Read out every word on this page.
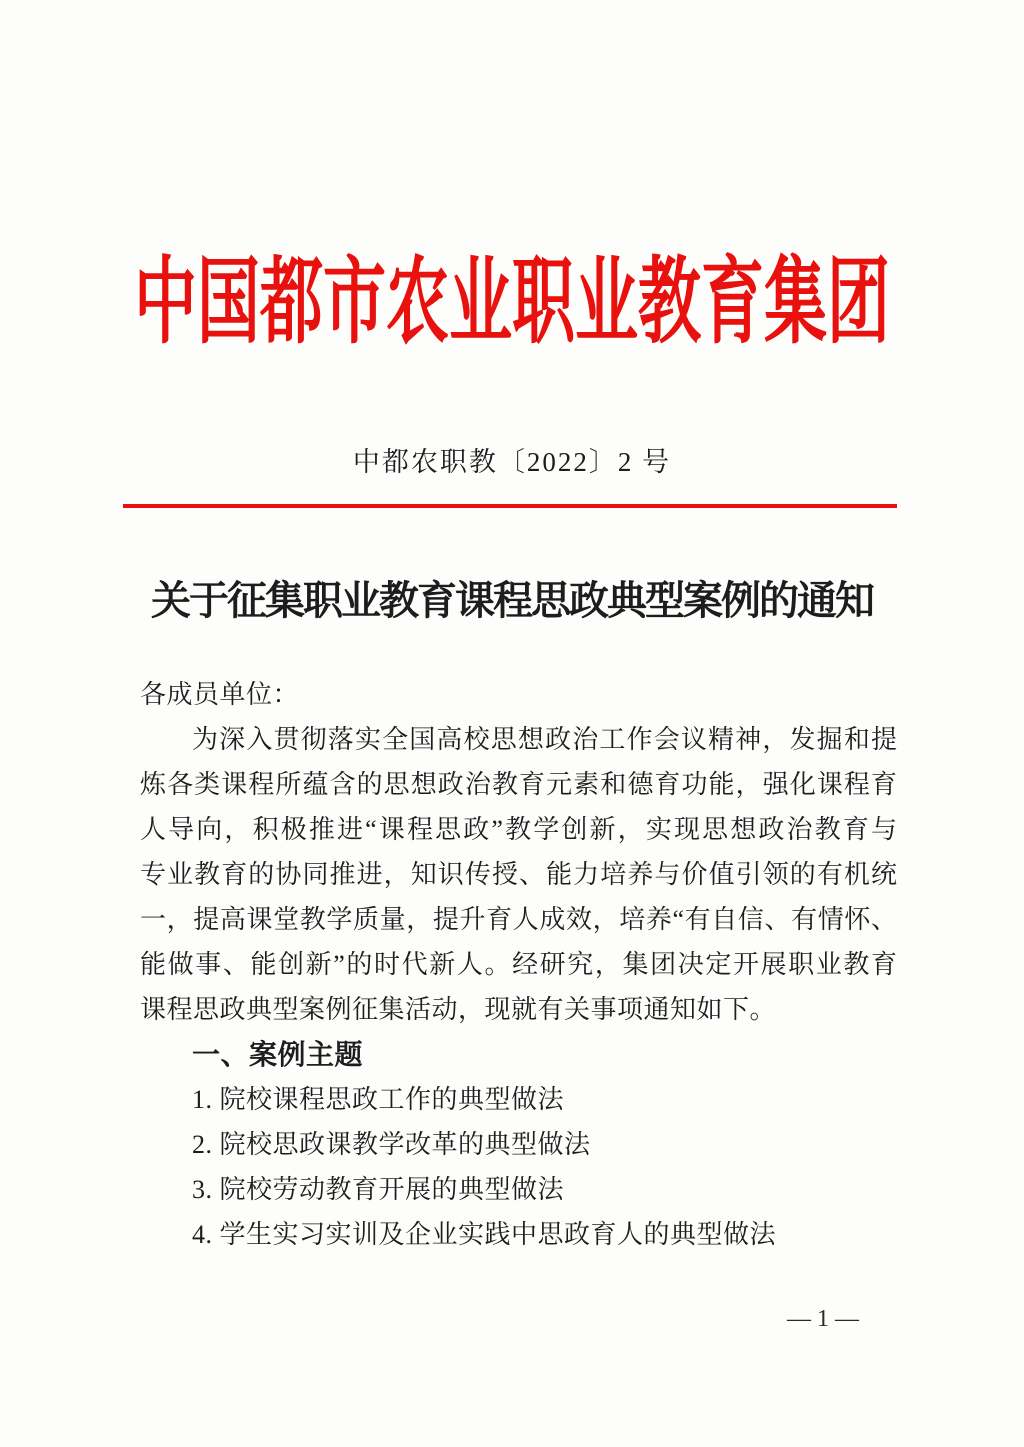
中国都市农业职业教育集团
中都农职教〔2022〕2 号
关于征集职业教育课程思政典型案例的通知
各成员单位：
为深入贯彻落实全国高校思想政治工作会议精神，发掘和提
炼各类课程所蕴含的思想政治教育元素和德育功能，强化课程育
人导向，积极推进“课程思政”教学创新，实现思想政治教育与
专业教育的协同推进，知识传授、能力培养与价值引领的有机统
一，提高课堂教学质量，提升育人成效，培养“有自信、有情怀、
能做事、能创新”的时代新人。经研究，集团决定开展职业教育
课程思政典型案例征集活动，现就有关事项通知如下。
一、案例主题
1. 院校课程思政工作的典型做法
2. 院校思政课教学改革的典型做法
3. 院校劳动教育开展的典型做法
4. 学生实习实训及企业实践中思政育人的典型做法
— 1 —
